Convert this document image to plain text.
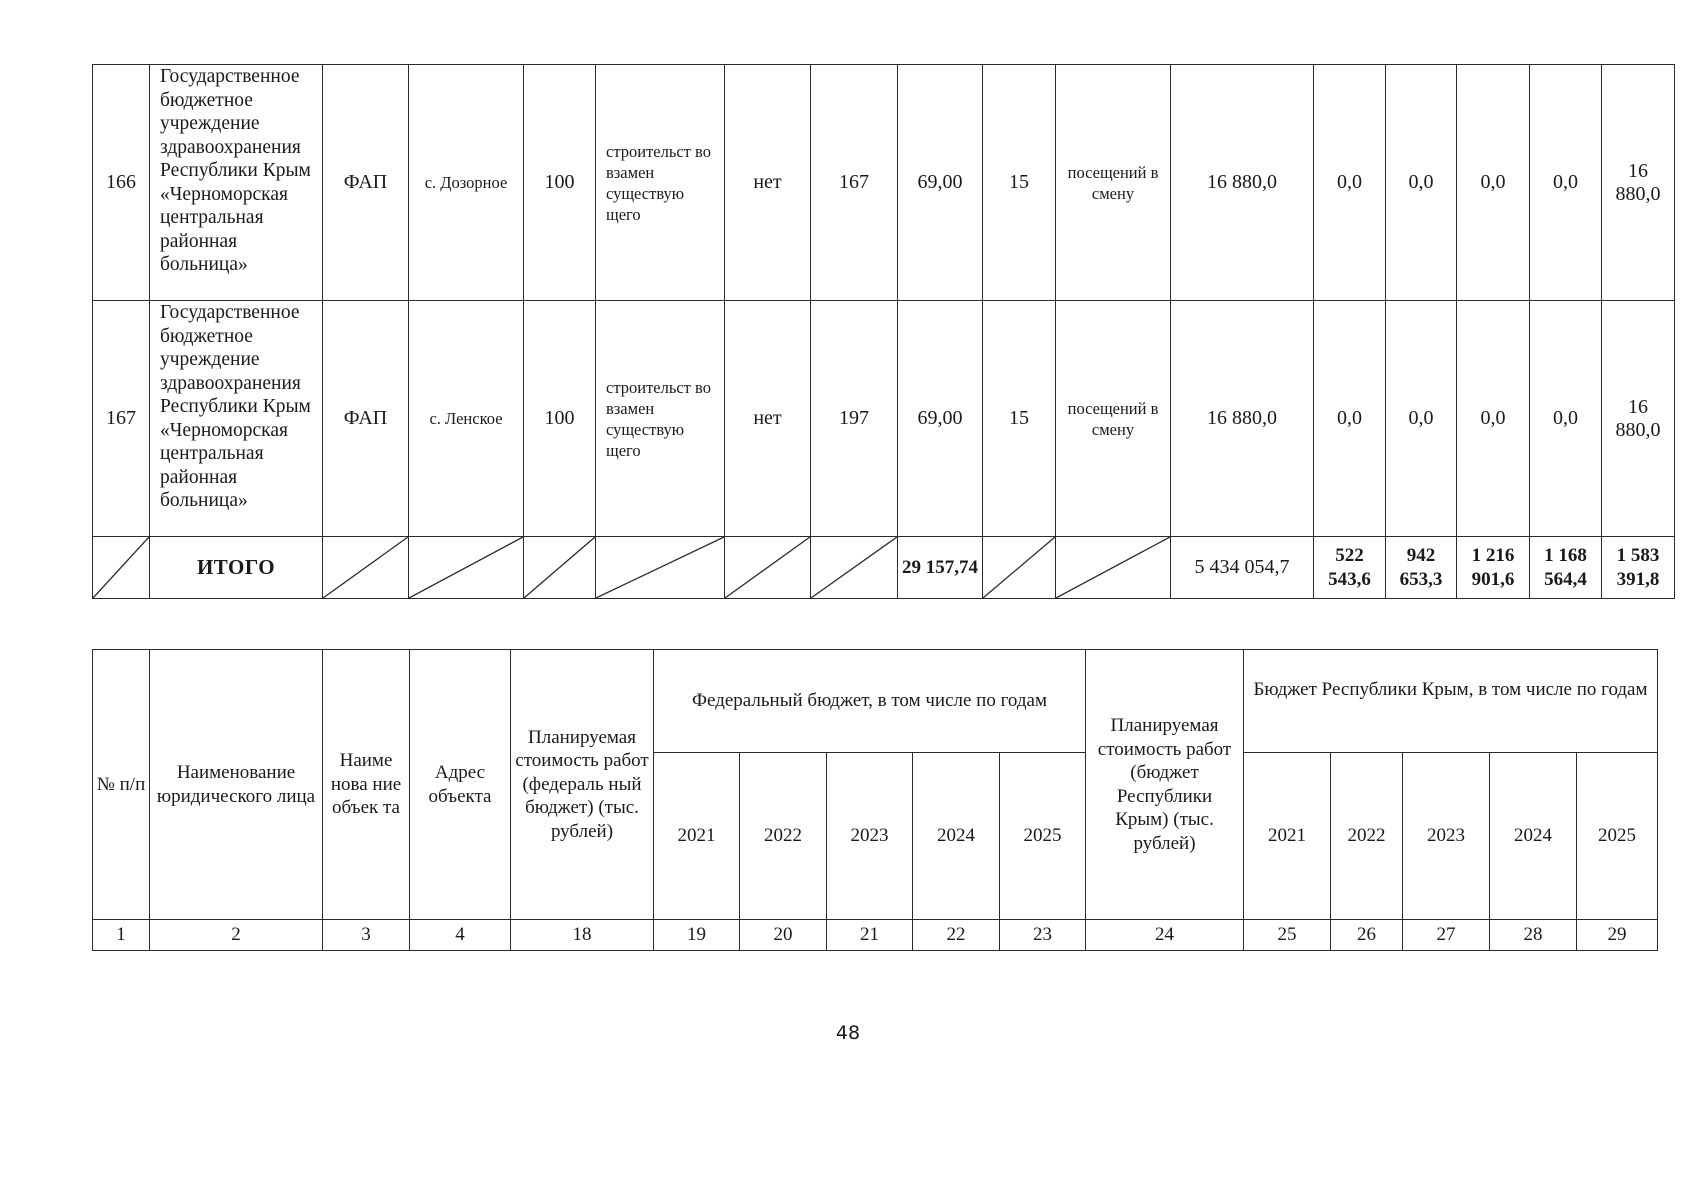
166	Государственное бюджетное учреждение здравоохранения Республики Крым «Черноморская центральная районная больница»	ФАП	с. Дозорное	100	строительст во взамен существую щего	нет	167	69,00	15	посещений в смену	16 880,0	0,0	0,0	0,0	0,0	16 880,0
167	Государственное бюджетное учреждение здравоохранения Республики Крым «Черноморская центральная районная больница»	ФАП	с. Ленское	100	строительст во взамен существую щего	нет	197	69,00	15	посещений в смену	16 880,0	0,0	0,0	0,0	0,0	16 880,0

	ИТОГО							29 157,74			5 434 054,7	522 543,6	942 653,3	1 216 901,6	1 168 564,4	1 583 391,8
№ п/п	Наименование юридического лица	Наиме нова ние объек та	Адрес объекта	Планируемая стоимость работ (федераль ный бюджет) (тыс. рублей)	Федеральный бюджет, в том числе по годам					Планируемая стоимость работ (бюджет Республики Крым) (тыс. рублей)	Бюджет Республики Крым, в том числе по годам				
					2021	2022	2023	2024	2025		2021	2022	2023	2024	2025
1	2	3	4	18	19	20	21	22	23	24	25	26	27	28	29
48
